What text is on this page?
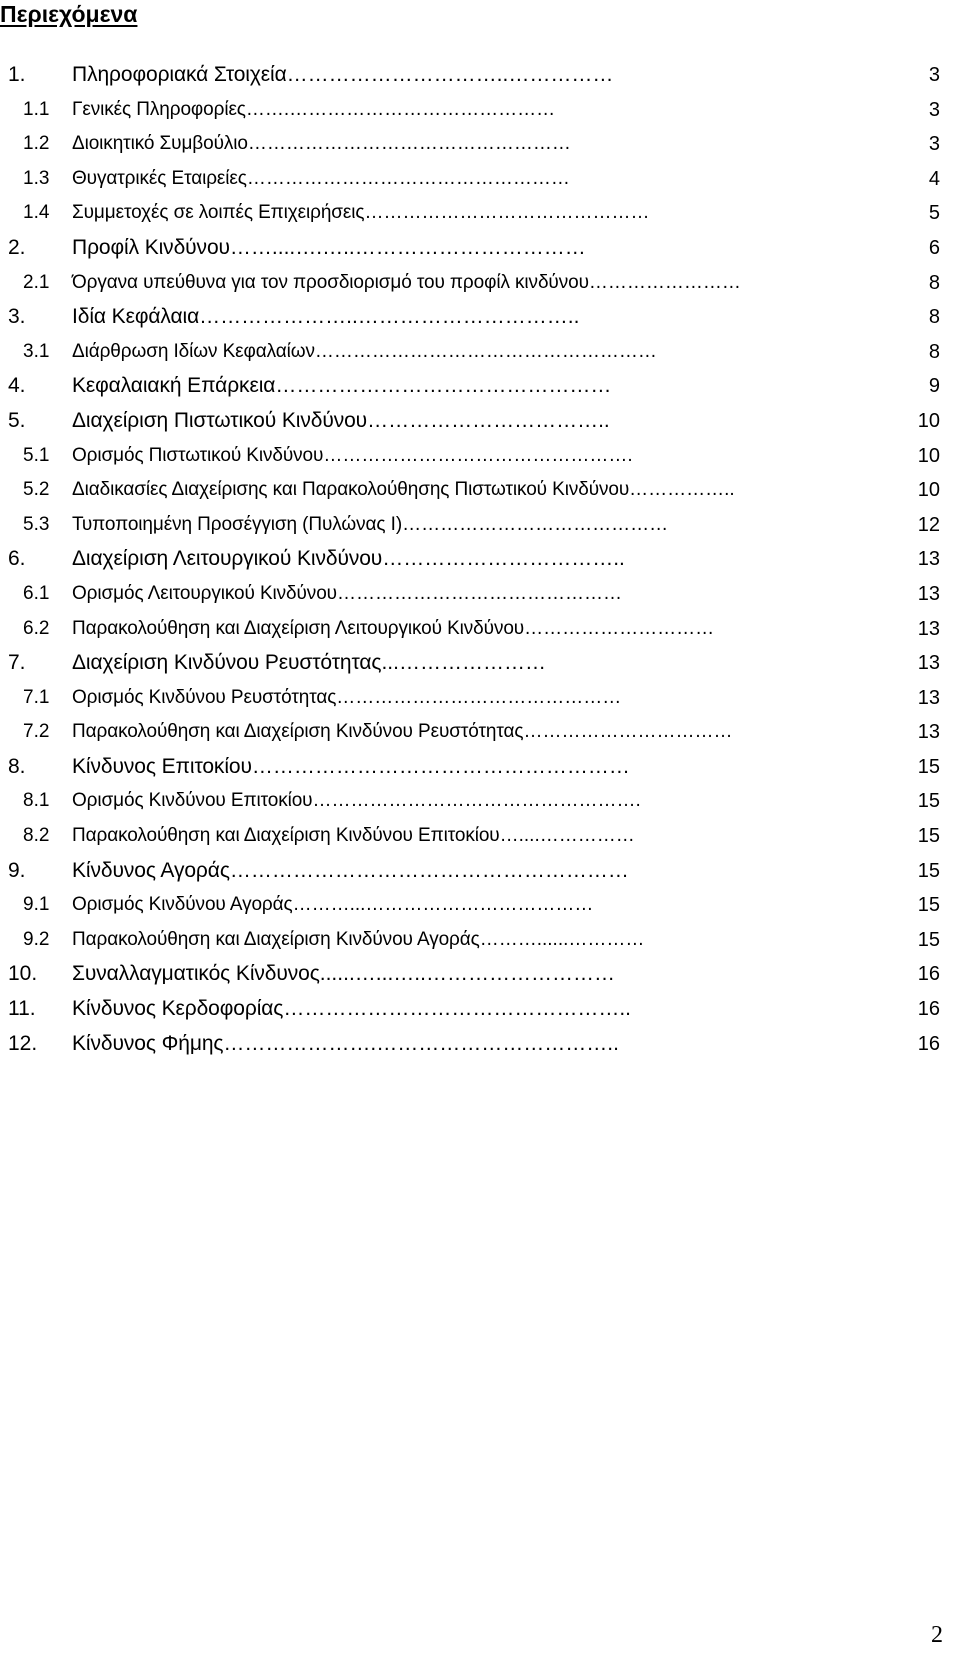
Περιεχόμενα
1. Πληροφοριακά Στοιχεία…………………………..……………	3
1.1 Γενικές Πληροφορίες…….……………………………………	3
1.2 Διοικητικό Συμβούλιο……………………………………………	3
1.3 Θυγατρικές Εταιρείες……………………………………………	4
1.4 Συμμετοχές σε λοιπές Επιχειρήσεις………………………………………	5
2. Προφίλ Κινδύνου……....….…..……………………………	6
2.1 Όργανα υπεύθυνα για τον προσδιορισμό του προφίλ κινδύνου……………………	8
3. Ιδία Κεφάλαια…………………..…………………………..	8
3.1 Διάρθρωση Ιδίων Κεφαλαίων………………………………………………	8
4. Κεφαλαιακή Επάρκεια…………………………………………	9
5. Διαχείριση Πιστωτικού Κινδύνου……………………………..	10
5.1 Ορισμός Πιστωτικού Κινδύνου………………………………………….	10
5.2 Διαδικασίες Διαχείρισης και Παρακολούθησης Πιστωτικού Κινδύνου……………..	10
5.3 Τυποποιημένη Προσέγγιση (Πυλώνας Ι)……………………………………	12
6. Διαχείριση Λειτουργικού Κινδύνου……………………………..	13
6.1 Ορισμός Λειτουργικού Κινδύνου………………………………………	13
6.2 Παρακολούθηση και Διαχείριση Λειτουργικού Κινδύνου…………………………	13
7. Διαχείριση Κινδύνου Ρευστότητας...…………………	13
7.1 Ορισμός Κινδύνου Ρευστότητας………………………………………	13
7.2 Παρακολούθηση και Διαχείριση Κινδύνου Ρευστότητας……………………………	13
8. Κίνδυνος Επιτοκίου………………………………………………	15
8.1 Ορισμός Κινδύνου Επιτοκίου…………………………………………….	15
8.2 Παρακολούθηση και Διαχείριση Κινδύνου Επιτοκίου…....……………	15
9. Κίνδυνος Αγοράς…………………………………………………	15
9.1 Ορισμός Κινδύνου Αγοράς………...………………………………	15
9.2 Παρακολούθηση και Διαχείριση Κινδύνου Αγοράς………......…………	15
10. Συναλλαγματικός Κίνδυνος......…...…..………………………	16
11. Κίνδυνος Κερδοφορίας…………………………………………..	16
12. Κίνδυνος Φήμης………………….……………………………..	16
2
